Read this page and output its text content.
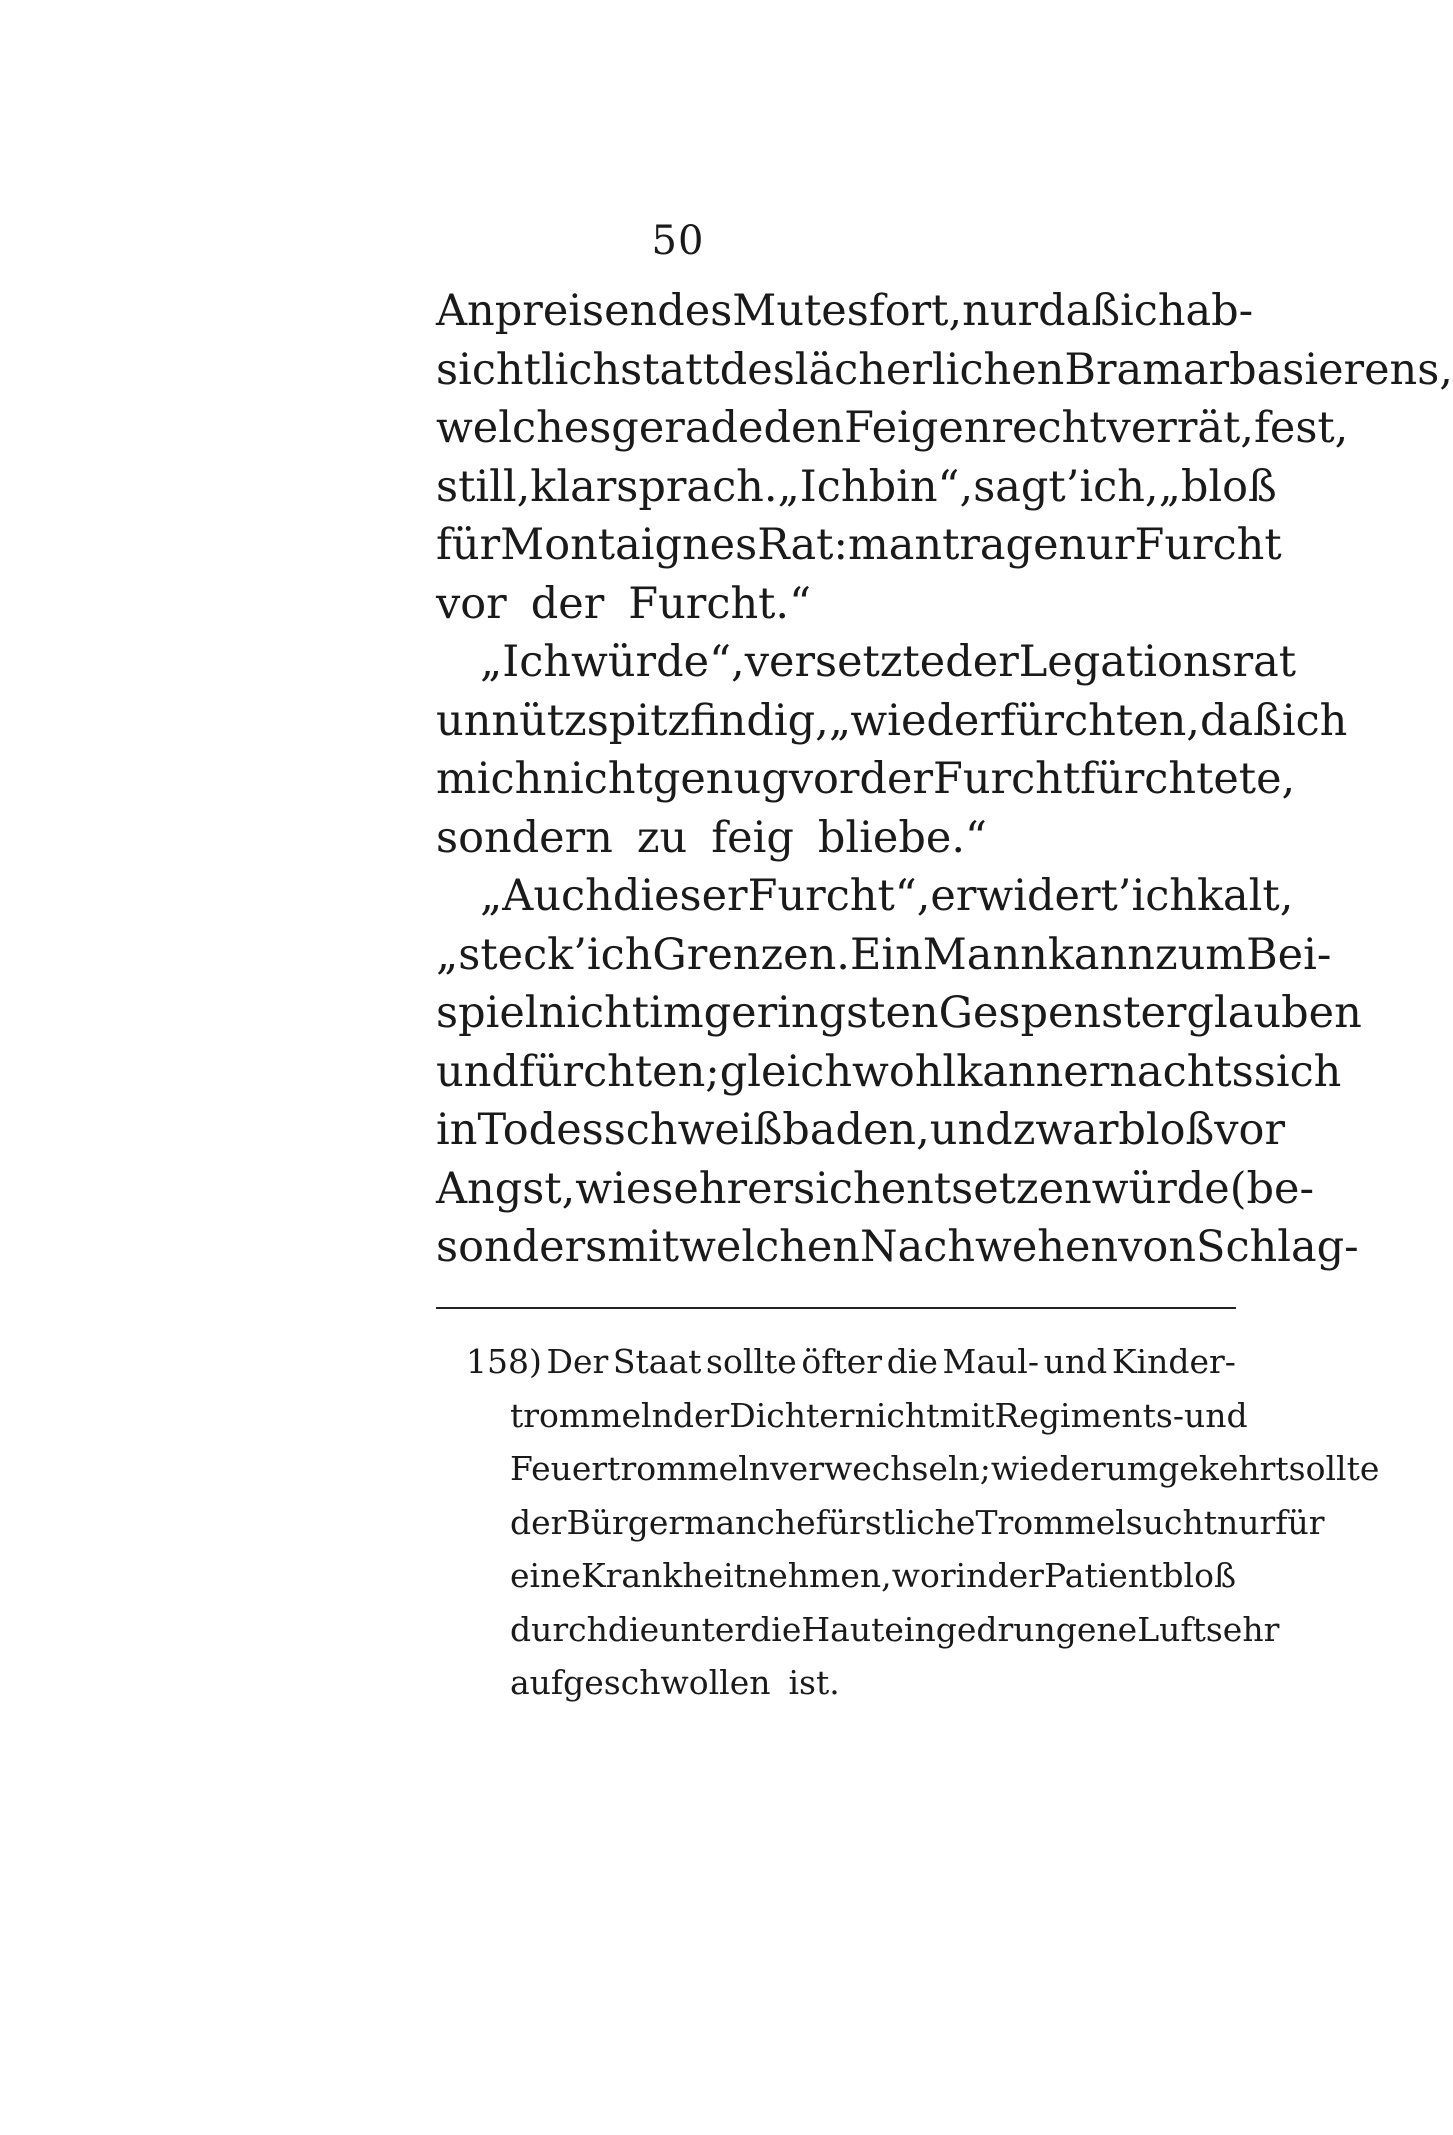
50
Anpreisen des Mutes fort, nur daß ich ab-
sichtlich statt des lächerlichen Bramarbasierens,
welches gerade den Feigen recht verrät, fest,
still, klar sprach. „Ich bin“, sagt’ ich, „bloß
für Montaignes Rat: man trage nur Furcht
vor der Furcht.“
„Ich würde“, versetzte der Legationsrat
unnütz spitzfindig, „wieder fürchten, daß ich
mich nicht genug vor der Furcht fürchtete,
sondern zu feig bliebe.“
„Auch dieser Furcht“, erwidert’ ich kalt,
„steck’ ich Grenzen. Ein Mann kann zum Bei-
spiel nicht im geringsten Gespenster glauben
und fürchten; gleichwohl kann er nachts sich
in Todesschweiß baden, und zwar bloß vor
Angst, wie sehr er sich entsetzen würde (be-
sonders mit welchen Nachwehen von Schlag-
158) Der Staat sollte öfter die Maul- und Kinder-
trommeln der Dichter nicht mit Regiments- und
Feuertrommeln verwechseln; wieder umgekehrt sollte
der Bürger manche fürstliche Trommelsucht nur für
eine Krankheit nehmen, worin der Patient bloß
durch die unter die Haut eingedrungene Luft sehr
aufgeschwollen ist.
